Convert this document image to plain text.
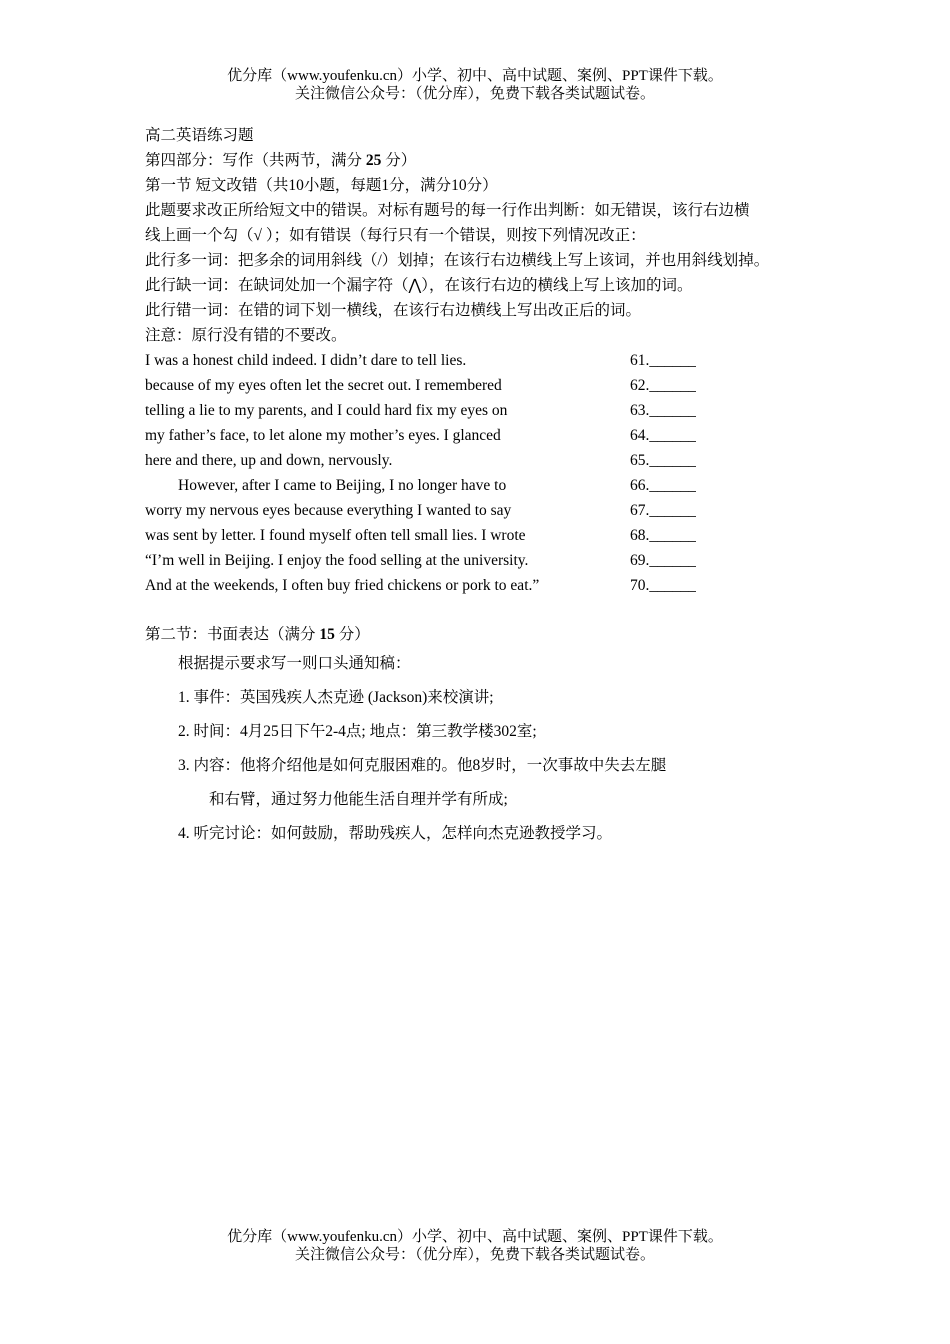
优分库（www.youfenku.cn）小学、初中、高中试题、案例、PPT课件下载。
关注微信公众号：（优分库），免费下载各类试题试卷。
高二英语练习题
第四部分：写作（共两节，满分 25 分）
第一节 短文改错（共10小题，每题1分，满分10分）
此题要求改正所给短文中的错误。对标有题号的每一行作出判断：如无错误，该行右边横
线上画一个勾（√ ）；如有错误（每行只有一个错误，则按下列情况改正：
此行多一词：把多余的词用斜线（/）划掉；在该行右边横线上写上该词，并也用斜线划掉。
此行缺一词：在缺词处加一个漏字符（⋀），在该行右边的横线上写上该加的词。
此行错一词：在错的词下划一横线，在该行右边横线上写出改正后的词。
注意：原行没有错的不要改。
I was a honest child indeed. I didn’t dare to tell lies.	61.______
because of my eyes often let the secret out. I remembered	62.______
telling a lie to my parents, and I could hard fix my eyes on	63.______
my father’s face, to let alone my mother’s eyes. I glanced	64.______
here and there, up and down, nervously.	65.______
However, after I came to Beijing, I no longer have to	66.______
worry my nervous eyes because everything I wanted to say	67.______
was sent by letter. I found myself often tell small lies. I wrote	68.______
“I’m well in Beijing. I enjoy the food selling at the university.	69.______
And at the weekends, I often buy fried chickens or pork to eat.”	70.______
第二节：书面表达（满分 15 分）
根据提示要求写一则口头通知稿：
1. 事件：英国残疾人杰克逊 (Jackson)来校演讲;
2. 时间：4月25日下午2-4点; 地点：第三教学楼302室;
3. 内容：他将介绍他是如何克服困难的。他8岁时，一次事故中失去左腿
和右臂，通过努力他能生活自理并学有所成;
4. 听完讨论：如何鼓励，帮助残疾人，怎样向杰克逊教授学习。
优分库（www.youfenku.cn）小学、初中、高中试题、案例、PPT课件下载。
关注微信公众号：（优分库），免费下载各类试题试卷。
